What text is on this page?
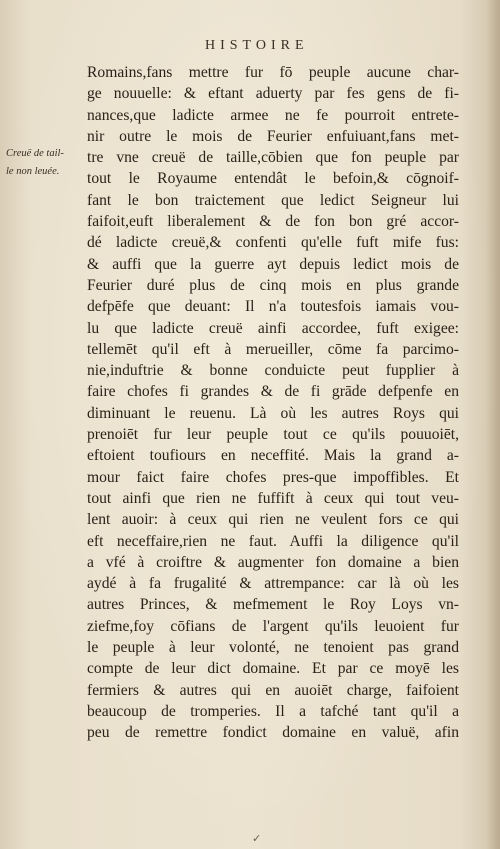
HISTOIRE
Creuë de tail-
le non leuée.
Romains,fans mettre fur fō peuple aucune char-
ge nouuelle: & eftant aduerty par fes gens de fi-
nances,que ladicte armee ne fe pourroit entrete-
nir outre le mois de Feurier enfuiuant,fans met-
tre vne creuë de taille,cōbien que fon peuple par
tout le Royaume entendât le befoin,& cōgnoif-
fant le bon traictement que ledict Seigneur lui
faifoit,euft liberalement & de fon bon gré accor-
dé ladicte creuë,& confenti qu'elle fuft mife fus:
& auffi que la guerre ayt depuis ledict mois de
Feurier duré plus de cinq mois en plus grande
defpēfe que deuant: Il n'a toutesfois iamais vou-
lu que ladicte creuë ainfi accordee, fuft exigee:
tellemēt qu'il eft à merueiller, cōme fa parcimo-
nie,induftrie & bonne conduicte peut fupplier à
faire chofes fi grandes & de fi grāde defpenfe en
diminuant le reuenu. Là où les autres Roys qui
prenoiēt fur leur peuple tout ce qu'ils pouuoiēt,
eftoient toufiours en neceffité. Mais la grand a-
mour faict faire chofes pres-que impoffibles. Et
tout ainfi que rien ne fuffift à ceux qui tout veu-
lent auoir: à ceux qui rien ne veulent fors ce qui
eft neceffaire,rien ne faut. Auffi la diligence qu'il
a vfé à croiftre & augmenter fon domaine a bien
aydé à fa frugalité & attrempance: car là où les
autres Princes, & mefmement le Roy Loys vn-
ziefme,foy cōfians de l'argent qu'ils leuoient fur
le peuple à leur volonté, ne tenoient pas grand
compte de leur dict domaine. Et par ce moyē les
fermiers & autres qui en auoiēt charge, faifoient
beaucoup de tromperies. Il a tafché tant qu'il a
peu de remettre fondict domaine en valuë, afin
✓
